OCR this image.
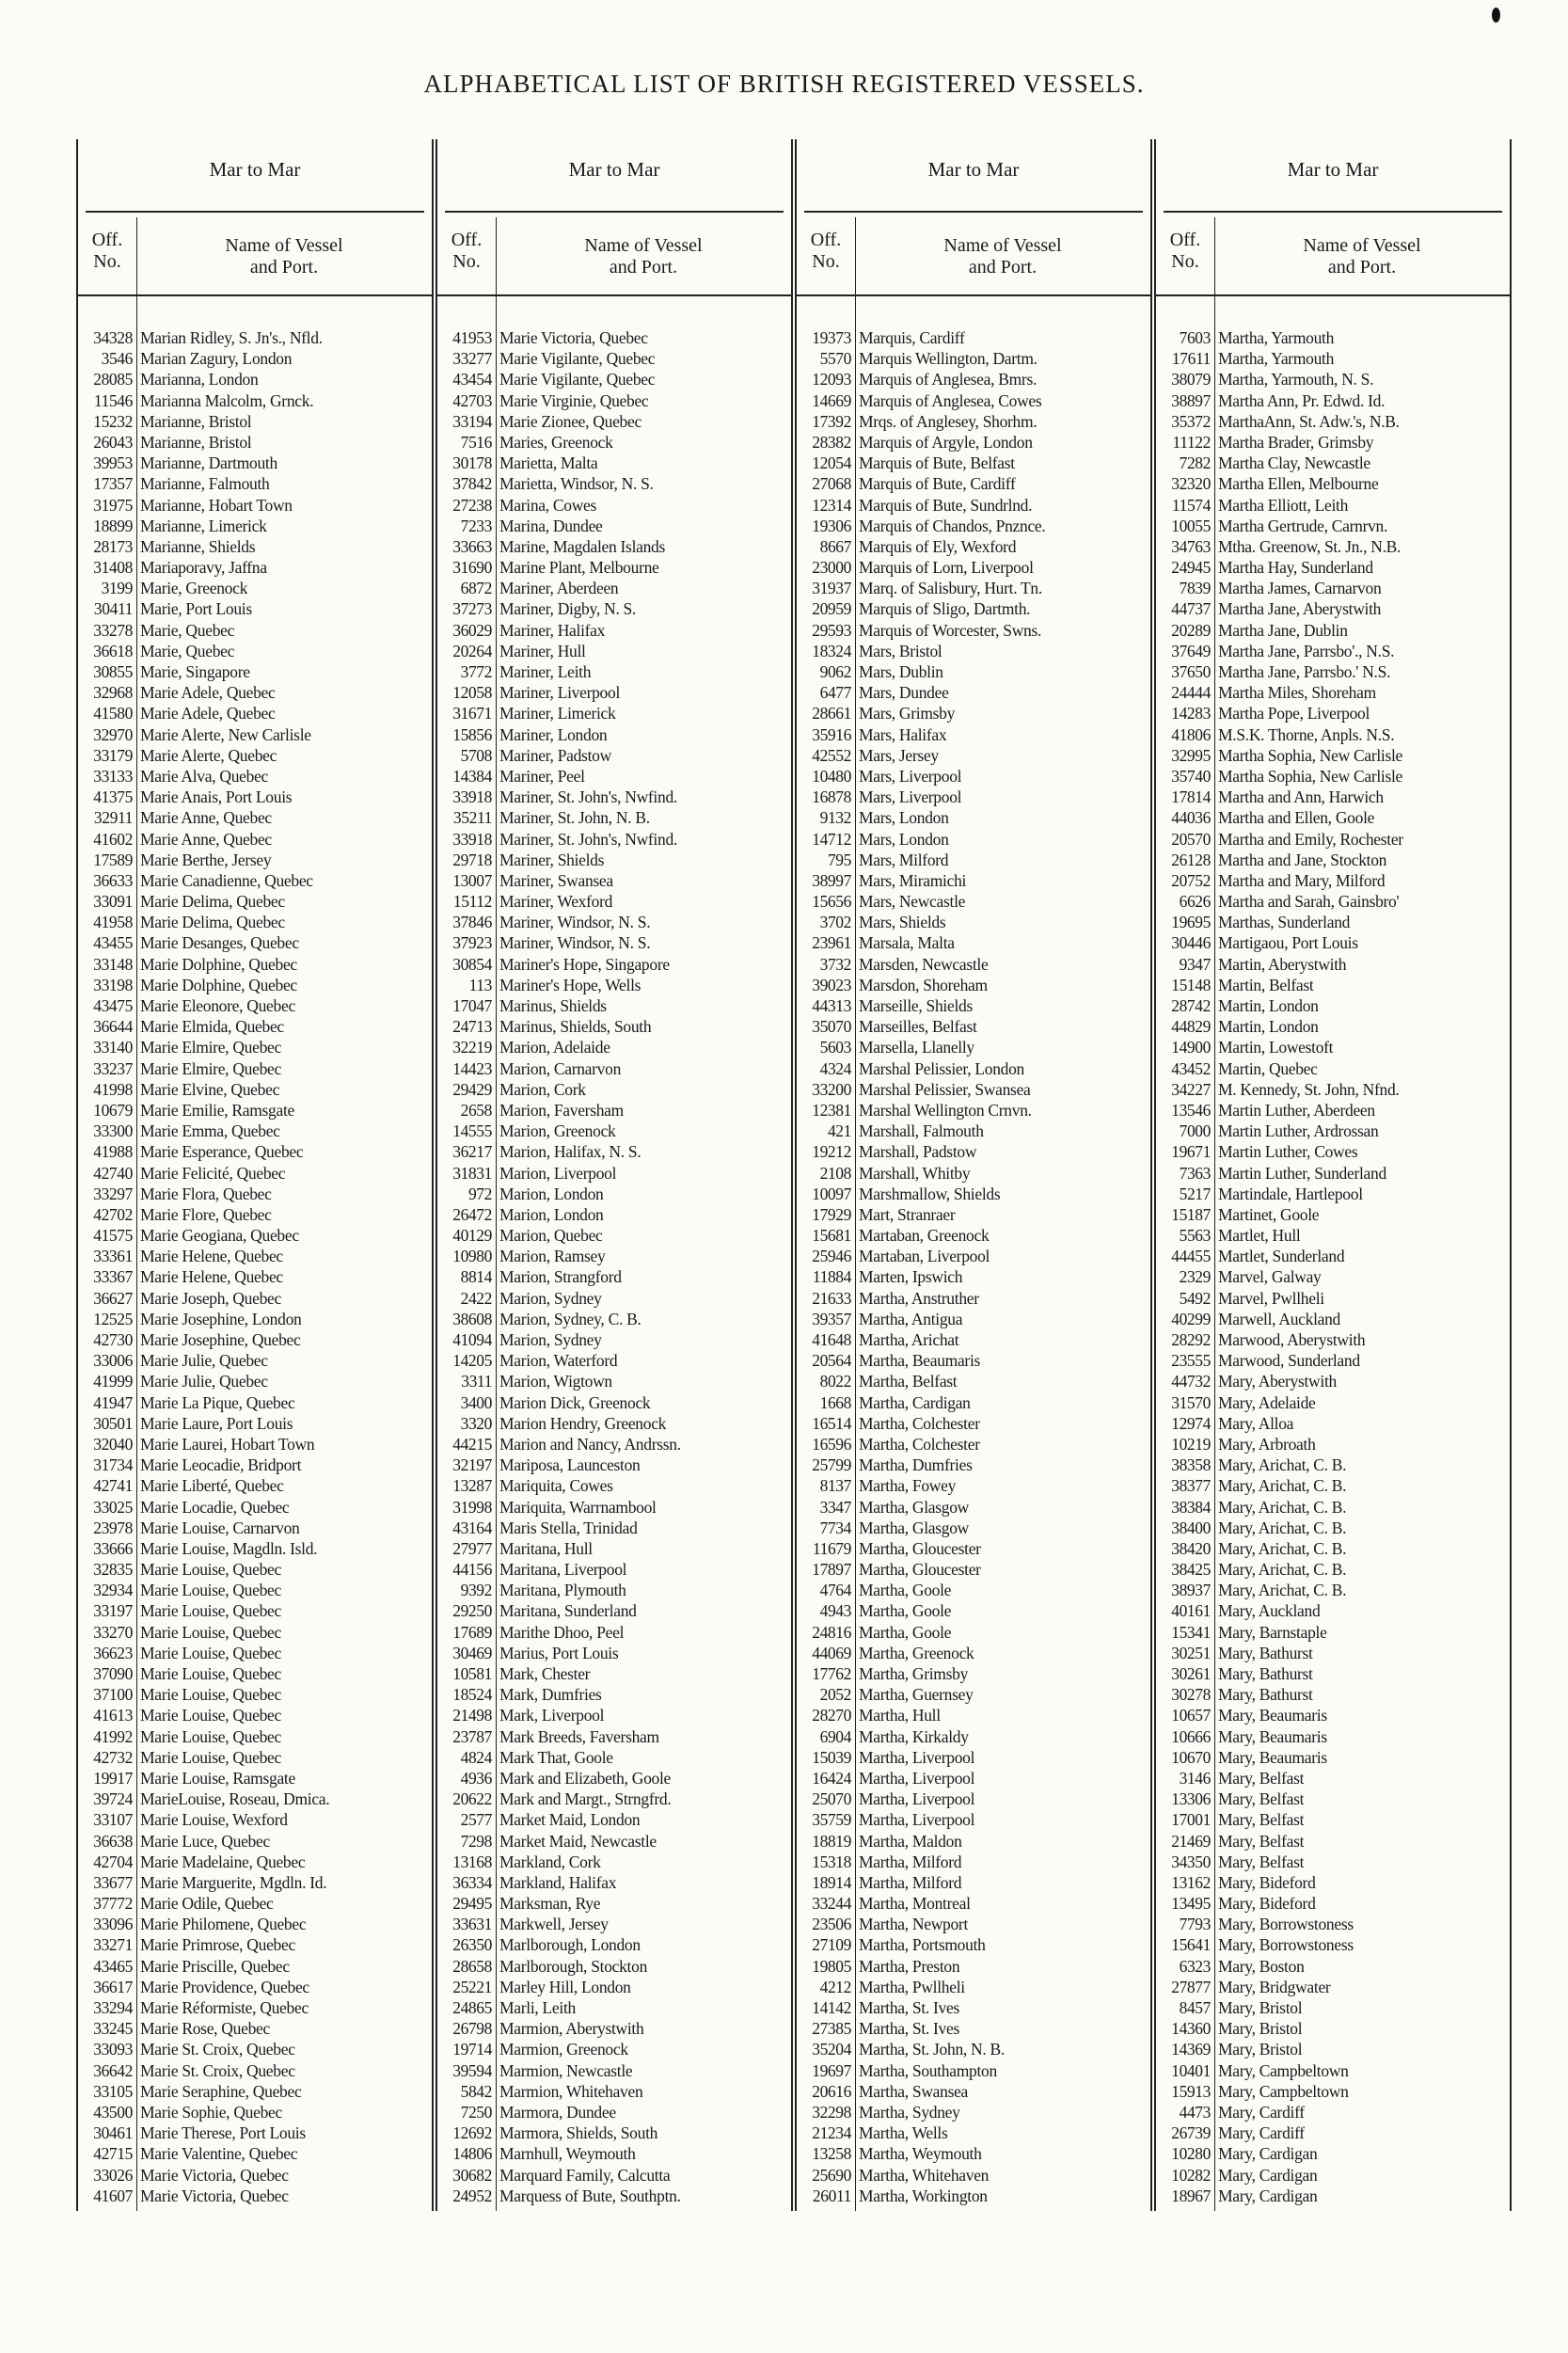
ALPHABETICAL LIST OF BRITISH REGISTERED VESSELS.
Mar to Mar
Off.
No.
Name of Vessel
and Port.
34328 Marian Ridley, S. Jn's., Nfld.
3546 Marian Zagury, London
28085 Marianna, London
11546 Marianna Malcolm, Grnck.
15232 Marianne, Bristol
26043 Marianne, Bristol
39953 Marianne, Dartmouth
17357 Marianne, Falmouth
31975 Marianne, Hobart Town
18899 Marianne, Limerick
28173 Marianne, Shields
31408 Mariaporavy, Jaffna
3199 Marie, Greenock
30411 Marie, Port Louis
33278 Marie, Quebec
36618 Marie, Quebec
30855 Marie, Singapore
32968 Marie Adele, Quebec
41580 Marie Adele, Quebec
32970 Marie Alerte, New Carlisle
33179 Marie Alerte, Quebec
33133 Marie Alva, Quebec
41375 Marie Anais, Port Louis
32911 Marie Anne, Quebec
41602 Marie Anne, Quebec
17589 Marie Berthe, Jersey
36633 Marie Canadienne, Quebec
33091 Marie Delima, Quebec
41958 Marie Delima, Quebec
43455 Marie Desanges, Quebec
33148 Marie Dolphine, Quebec
33198 Marie Dolphine, Quebec
43475 Marie Eleonore, Quebec
36644 Marie Elmida, Quebec
33140 Marie Elmire, Quebec
33237 Marie Elmire, Quebec
41998 Marie Elvine, Quebec
10679 Marie Emilie, Ramsgate
33300 Marie Emma, Quebec
41988 Marie Esperance, Quebec
42740 Marie Felicité, Quebec
33297 Marie Flora, Quebec
42702 Marie Flore, Quebec
41575 Marie Geogiana, Quebec
33361 Marie Helene, Quebec
33367 Marie Helene, Quebec
36627 Marie Joseph, Quebec
12525 Marie Josephine, London
42730 Marie Josephine, Quebec
33006 Marie Julie, Quebec
41999 Marie Julie, Quebec
41947 Marie La Pique, Quebec
30501 Marie Laure, Port Louis
32040 Marie Laurei, Hobart Town
31734 Marie Leocadie, Bridport
42741 Marie Liberté, Quebec
33025 Marie Locadie, Quebec
23978 Marie Louise, Carnarvon
33666 Marie Louise, Magdln. Isld.
32835 Marie Louise, Quebec
32934 Marie Louise, Quebec
33197 Marie Louise, Quebec
33270 Marie Louise, Quebec
36623 Marie Louise, Quebec
37090 Marie Louise, Quebec
37100 Marie Louise, Quebec
41613 Marie Louise, Quebec
41992 Marie Louise, Quebec
42732 Marie Louise, Quebec
19917 Marie Louise, Ramsgate
39724 MarieLouise, Roseau, Dmica.
33107 Marie Louise, Wexford
36638 Marie Luce, Quebec
42704 Marie Madelaine, Quebec
33677 Marie Marguerite, Mgdln. Id.
37772 Marie Odile, Quebec
33096 Marie Philomene, Quebec
33271 Marie Primrose, Quebec
43465 Marie Priscille, Quebec
36617 Marie Providence, Quebec
33294 Marie Réformiste, Quebec
33245 Marie Rose, Quebec
33093 Marie St. Croix, Quebec
36642 Marie St. Croix, Quebec
33105 Marie Seraphine, Quebec
43500 Marie Sophie, Quebec
30461 Marie Therese, Port Louis
42715 Marie Valentine, Quebec
33026 Marie Victoria, Quebec
41607 Marie Victoria, Quebec
Mar to Mar
Off.
No.
Name of Vessel
and Port.
41953 Marie Victoria, Quebec
33277 Marie Vigilante, Quebec
43454 Marie Vigilante, Quebec
42703 Marie Virginie, Quebec
33194 Marie Zionee, Quebec
7516 Maries, Greenock
30178 Marietta, Malta
37842 Marietta, Windsor, N. S.
27238 Marina, Cowes
7233 Marina, Dundee
33663 Marine, Magdalen Islands
31690 Marine Plant, Melbourne
6872 Mariner, Aberdeen
37273 Mariner, Digby, N. S.
36029 Mariner, Halifax
20264 Mariner, Hull
3772 Mariner, Leith
12058 Mariner, Liverpool
31671 Mariner, Limerick
15856 Mariner, London
5708 Mariner, Padstow
14384 Mariner, Peel
33918 Mariner, St. John's, Nwfind.
35211 Mariner, St. John, N. B.
33918 Mariner, St. John's, Nwfind.
29718 Mariner, Shields
13007 Mariner, Swansea
15112 Mariner, Wexford
37846 Mariner, Windsor, N. S.
37923 Mariner, Windsor, N. S.
30854 Mariner's Hope, Singapore
113 Mariner's Hope, Wells
17047 Marinus, Shields
24713 Marinus, Shields, South
32219 Marion, Adelaide
14423 Marion, Carnarvon
29429 Marion, Cork
2658 Marion, Faversham
14555 Marion, Greenock
36217 Marion, Halifax, N. S.
31831 Marion, Liverpool
972 Marion, London
26472 Marion, London
40129 Marion, Quebec
10980 Marion, Ramsey
8814 Marion, Strangford
2422 Marion, Sydney
38608 Marion, Sydney, C. B.
41094 Marion, Sydney
14205 Marion, Waterford
3311 Marion, Wigtown
3400 Marion Dick, Greenock
3320 Marion Hendry, Greenock
44215 Marion and Nancy, Andrssn.
32197 Mariposa, Launceston
13287 Mariquita, Cowes
31998 Mariquita, Warrnambool
43164 Maris Stella, Trinidad
27977 Maritana, Hull
44156 Maritana, Liverpool
9392 Maritana, Plymouth
29250 Maritana, Sunderland
17689 Marithe Dhoo, Peel
30469 Marius, Port Louis
10581 Mark, Chester
18524 Mark, Dumfries
21498 Mark, Liverpool
23787 Mark Breeds, Faversham
4824 Mark That, Goole
4936 Mark and Elizabeth, Goole
20622 Mark and Margt., Strngfrd.
2577 Market Maid, London
7298 Market Maid, Newcastle
13168 Markland, Cork
36334 Markland, Halifax
29495 Marksman, Rye
33631 Markwell, Jersey
26350 Marlborough, London
28658 Marlborough, Stockton
25221 Marley Hill, London
24865 Marli, Leith
26798 Marmion, Aberystwith
19714 Marmion, Greenock
39594 Marmion, Newcastle
5842 Marmion, Whitehaven
7250 Marmora, Dundee
12692 Marmora, Shields, South
14806 Marnhull, Weymouth
30682 Marquard Family, Calcutta
24952 Marquess of Bute, Southptn.
Mar to Mar
Off.
No.
Name of Vessel
and Port.
19373 Marquis, Cardiff
5570 Marquis Wellington, Dartm.
12093 Marquis of Anglesea, Bmrs.
14669 Marquis of Anglesea, Cowes
17392 Mrqs. of Anglesey, Shorhm.
28382 Marquis of Argyle, London
12054 Marquis of Bute, Belfast
27068 Marquis of Bute, Cardiff
12314 Marquis of Bute, Sundrlnd.
19306 Marquis of Chandos, Pnznce.
8667 Marquis of Ely, Wexford
23000 Marquis of Lorn, Liverpool
31937 Marq. of Salisbury, Hurt. Tn.
20959 Marquis of Sligo, Dartmth.
29593 Marquis of Worcester, Swns.
18324 Mars, Bristol
9062 Mars, Dublin
6477 Mars, Dundee
28661 Mars, Grimsby
35916 Mars, Halifax
42552 Mars, Jersey
10480 Mars, Liverpool
16878 Mars, Liverpool
9132 Mars, London
14712 Mars, London
795 Mars, Milford
38997 Mars, Miramichi
15656 Mars, Newcastle
3702 Mars, Shields
23961 Marsala, Malta
3732 Marsden, Newcastle
39023 Marsdon, Shoreham
44313 Marseille, Shields
35070 Marseilles, Belfast
5603 Marsella, Llanelly
4324 Marshal Pelissier, London
33200 Marshal Pelissier, Swansea
12381 Marshal Wellington Crnvn.
421 Marshall, Falmouth
19212 Marshall, Padstow
2108 Marshall, Whitby
10097 Marshmallow, Shields
17929 Mart, Stranraer
15681 Martaban, Greenock
25946 Martaban, Liverpool
11884 Marten, Ipswich
21633 Martha, Anstruther
39357 Martha, Antigua
41648 Martha, Arichat
20564 Martha, Beaumaris
8022 Martha, Belfast
1668 Martha, Cardigan
16514 Martha, Colchester
16596 Martha, Colchester
25799 Martha, Dumfries
8137 Martha, Fowey
3347 Martha, Glasgow
7734 Martha, Glasgow
11679 Martha, Gloucester
17897 Martha, Gloucester
4764 Martha, Goole
4943 Martha, Goole
24816 Martha, Goole
44069 Martha, Greenock
17762 Martha, Grimsby
2052 Martha, Guernsey
28270 Martha, Hull
6904 Martha, Kirkaldy
15039 Martha, Liverpool
16424 Martha, Liverpool
25070 Martha, Liverpool
35759 Martha, Liverpool
18819 Martha, Maldon
15318 Martha, Milford
18914 Martha, Milford
33244 Martha, Montreal
23506 Martha, Newport
27109 Martha, Portsmouth
19805 Martha, Preston
4212 Martha, Pwllheli
14142 Martha, St. Ives
27385 Martha, St. Ives
35204 Martha, St. John, N. B.
19697 Martha, Southampton
20616 Martha, Swansea
32298 Martha, Sydney
21234 Martha, Wells
13258 Martha, Weymouth
25690 Martha, Whitehaven
26011 Martha, Workington
Mar to Mar
Off.
No.
Name of Vessel
and Port.
7603 Martha, Yarmouth
17611 Martha, Yarmouth
38079 Martha, Yarmouth, N. S.
38897 Martha Ann, Pr. Edwd. Id.
35372 MarthaAnn, St. Adw.'s, N.B.
11122 Martha Brader, Grimsby
7282 Martha Clay, Newcastle
32320 Martha Ellen, Melbourne
11574 Martha Elliott, Leith
10055 Martha Gertrude, Carnrvn.
34763 Mtha. Greenow, St. Jn., N.B.
24945 Martha Hay, Sunderland
7839 Martha James, Carnarvon
44737 Martha Jane, Aberystwith
20289 Martha Jane, Dublin
37649 Martha Jane, Parrsbo'., N.S.
37650 Martha Jane, Parrsbo.' N.S.
24444 Martha Miles, Shoreham
14283 Martha Pope, Liverpool
41806 M.S.K. Thorne, Anpls. N.S.
32995 Martha Sophia, New Carlisle
35740 Martha Sophia, New Carlisle
17814 Martha and Ann, Harwich
44036 Martha and Ellen, Goole
20570 Martha and Emily, Rochester
26128 Martha and Jane, Stockton
20752 Martha and Mary, Milford
6626 Martha and Sarah, Gainsbro'
19695 Marthas, Sunderland
30446 Martigaou, Port Louis
9347 Martin, Aberystwith
15148 Martin, Belfast
28742 Martin, London
44829 Martin, London
14900 Martin, Lowestoft
43452 Martin, Quebec
34227 M. Kennedy, St. John, Nfnd.
13546 Martin Luther, Aberdeen
7000 Martin Luther, Ardrossan
19671 Martin Luther, Cowes
7363 Martin Luther, Sunderland
5217 Martindale, Hartlepool
15187 Martinet, Goole
5563 Martlet, Hull
44455 Martlet, Sunderland
2329 Marvel, Galway
5492 Marvel, Pwllheli
40299 Marwell, Auckland
28292 Marwood, Aberystwith
23555 Marwood, Sunderland
44732 Mary, Aberystwith
31570 Mary, Adelaide
12974 Mary, Alloa
10219 Mary, Arbroath
38358 Mary, Arichat, C. B.
38377 Mary, Arichat, C. B.
38384 Mary, Arichat, C. B.
38400 Mary, Arichat, C. B.
38420 Mary, Arichat, C. B.
38425 Mary, Arichat, C. B.
38937 Mary, Arichat, C. B.
40161 Mary, Auckland
15341 Mary, Barnstaple
30251 Mary, Bathurst
30261 Mary, Bathurst
30278 Mary, Bathurst
10657 Mary, Beaumaris
10666 Mary, Beaumaris
10670 Mary, Beaumaris
3146 Mary, Belfast
13306 Mary, Belfast
17001 Mary, Belfast
21469 Mary, Belfast
34350 Mary, Belfast
13162 Mary, Bideford
13495 Mary, Bideford
7793 Mary, Borrowstoness
15641 Mary, Borrowstoness
6323 Mary, Boston
27877 Mary, Bridgwater
8457 Mary, Bristol
14360 Mary, Bristol
14369 Mary, Bristol
10401 Mary, Campbeltown
15913 Mary, Campbeltown
4473 Mary, Cardiff
26739 Mary, Cardiff
10280 Mary, Cardigan
10282 Mary, Cardigan
18967 Mary, Cardigan
